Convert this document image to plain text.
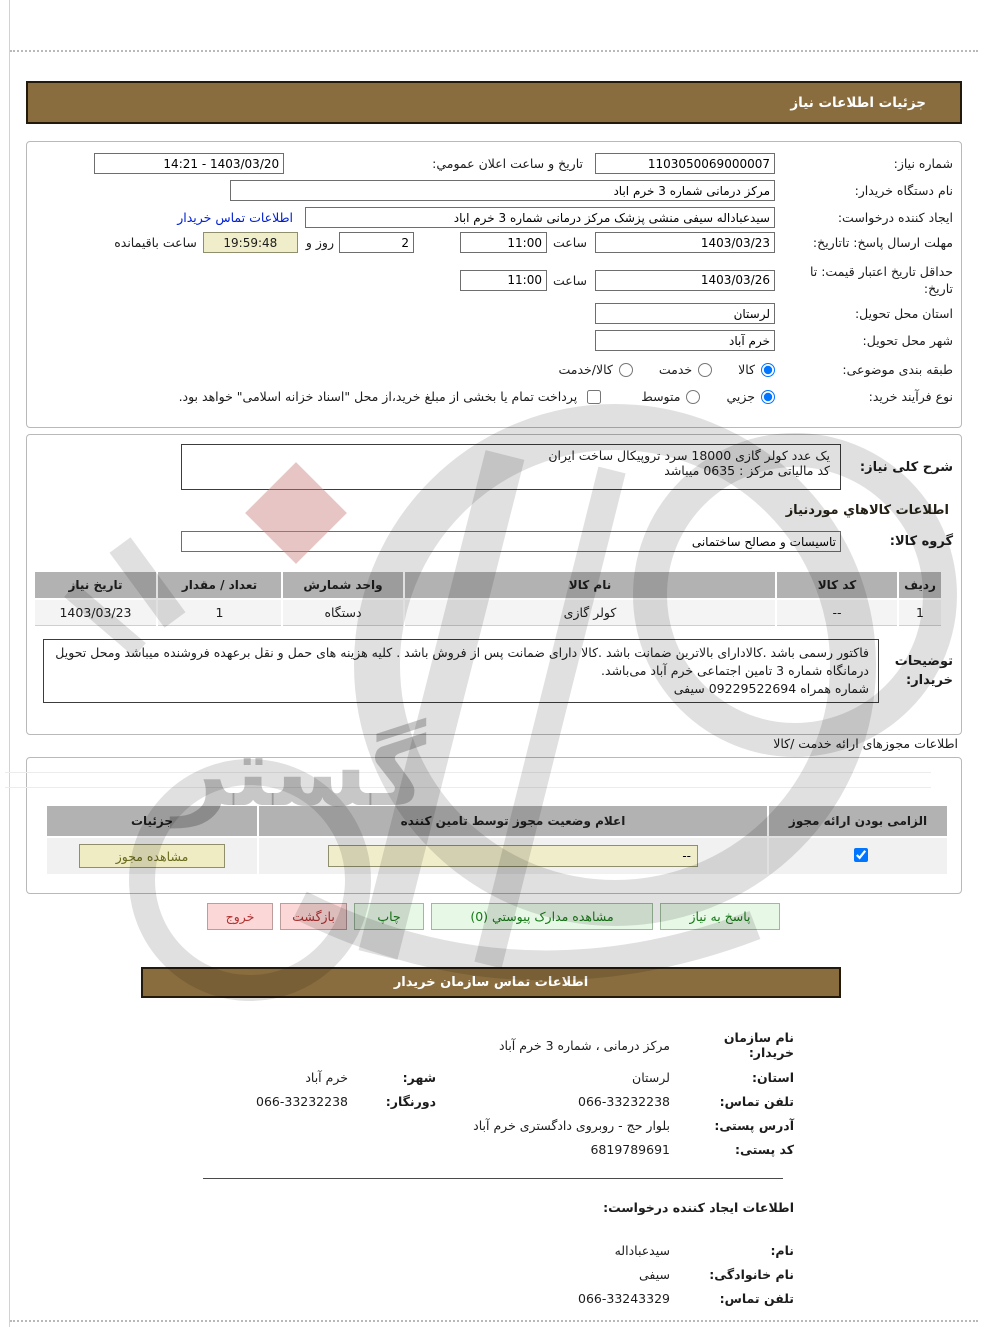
جزئیات اطلاعات نیاز
شماره نیاز:
1103050069000007
تاریخ و ساعت اعلان عمومي:
14:21 - 1403/03/20
نام دستگاه خریدار:
مرکز درمانی شماره 3 خرم اباد
ایجاد کننده درخواست:
سیدعباداله سیفی منشی پزشک مرکز درمانی شماره 3 خرم اباد
اطلاعات تماس خریدار
مهلت ارسال پاسخ: تاتاریخ:
1403/03/23
ساعت
11:00
2
روز و
19:59:48
ساعت باقیمانده
حداقل تاریخ اعتبار قیمت: تا تاریخ:
1403/03/26
ساعت
11:00
استان محل تحویل:
لرستان
شهر محل تحویل:
خرم آباد
طبقه بندی موضوعی:
کالا
خدمت
کالا/خدمت
نوع فرآیند خرید:
جزیي
متوسط
پرداخت تمام یا بخشی از مبلغ خرید،از محل "اسناد خزانه اسلامی" خواهد بود.
شرح کلی نیاز:
یک عدد کولر گازی 18000 سرد تروپیکال ساخت ایران
کد مالیاتی مرکز : 0635 میباشد
اطلاعات کالاهاي موردنیاز
گروه کالا:
تاسیسات و مصالح ساختمانی
ردیف	کد کالا	نام کالا	واحد شمارش	تعداد / مقدار	تاریخ نیاز
1	--	کولر گازی	دستگاه	1	1403/03/23
توضیحات خریدار:
فاکتور رسمی باشد .کالاداراى بالاترین ضمانت باشد .کالا داراى ضمانت پس از فروش باشد . کلیه هزینه هاى حمل و نقل برعهده فروشنده میباشد ومحل تحویل درمانگاه شماره 3 تامین اجتماعی خرم آباد می‌باشد.
شماره همراه 09229522694 سیفی
اطلاعات مجوزهای ارائه خدمت /کالا
الزامی بودن ارائه مجوز	اعلام وضعیت مجوز توسط تامین کننده	جزئیات
	--	مشاهده مجوز
پاسخ به نیاز
مشاهده مدارک پیوستي (0)
چاپ
بازگشت
خروج
اطلاعات تماس سازمان خریدار
نام سازمان خریدار:
مرکز درمانی ، شماره 3 خرم آباد
استان:
لرستان
شهر:
خرم آباد
تلفن تماس:
066-33232238
دورنگار:
066-33232238
آدرس پستی:
بلوار حج - روبروی دادگستری خرم آباد
کد پستی:
6819789691
اطلاعات ایجاد کننده درخواست:
نام:
سیدعباداله
نام خانوادگی:
سیفی
تلفن تماس:
066-33243329
گستر
